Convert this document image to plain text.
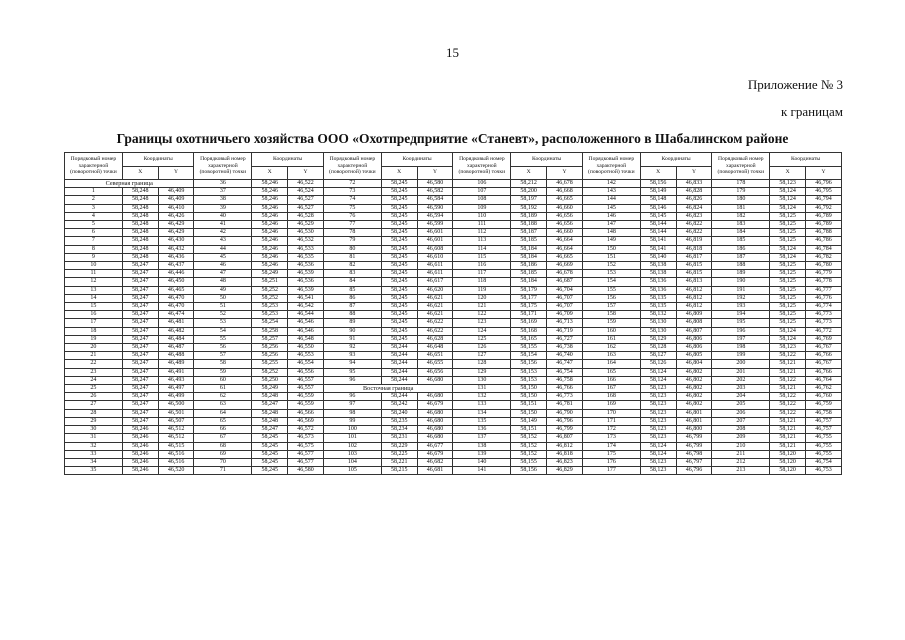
15
Приложение № 3
к границам
Границы охотничьего хозяйства ООО «Охотпредприятие «Станевт», расположенного в Шабалинском районе
Порядковый номер характерной (поворотной) точки	Координаты		Порядковый номер характерной (поворотной) точки	Координаты		Порядковый номер характерной (поворотной) точки	Координаты		Порядковый номер характерной (поворотной) точки	Координаты		Порядковый номер характерной (поворотной) точки	Координаты		Порядковый номер характерной (поворотной) точки	Координаты	
	X	Y		X	Y		X	Y		X	Y		X	Y		X	Y
Северная граница			36	58,246	46,522	72	58,245	46,580	106	58,212	46,678	142	58,156	46,833	178	58,123	46,796
1	58,248	46,409	37	58,246	46,524	73	58,245	46,582	107	58,200	46,668	143	58,149	46,828	179	58,124	46,795
2	58,248	46,409	38	58,246	46,527	74	58,245	46,584	108	58,197	46,665	144	58,148	46,826	180	58,124	46,794
3	58,248	46,410	39	58,246	46,527	75	58,245	46,590	109	58,192	46,660	145	58,146	46,824	181	58,124	46,792
4	58,248	46,426	40	58,246	46,528	76	58,245	46,594	110	58,189	46,656	146	58,145	46,823	182	58,125	46,789
5	58,248	46,429	41	58,246	46,529	77	58,245	46,599	111	58,188	46,656	147	58,144	46,822	183	58,125	46,789
6	58,248	46,429	42	58,246	46,530	78	58,245	46,601	112	58,187	46,660	148	58,144	46,822	184	58,125	46,788
7	58,248	46,430	43	58,246	46,532	79	58,245	46,601	113	58,185	46,664	149	58,141	46,819	185	58,125	46,786
8	58,248	46,432	44	58,246	46,533	80	58,245	46,608	114	58,184	46,664	150	58,141	46,818	186	58,124	46,784
9	58,248	46,436	45	58,246	46,535	81	58,245	46,610	115	58,184	46,665	151	58,140	46,817	187	58,124	46,782
10	58,247	46,437	46	58,246	46,536	82	58,245	46,611	116	58,186	46,669	152	58,138	46,815	188	58,125	46,780
11	58,247	46,446	47	58,249	46,539	83	58,245	46,611	117	58,185	46,678	153	58,138	46,815	189	58,125	46,779
12	58,247	46,450	48	58,251	46,536	84	58,245	46,617	118	58,184	46,687	154	58,136	46,813	190	58,125	46,778
13	58,247	46,465	49	58,252	46,539	85	58,245	46,620	119	58,179	46,704	155	58,136	46,812	191	58,125	46,777
14	58,247	46,470	50	58,252	46,541	86	58,245	46,621	120	58,177	46,707	156	58,135	46,812	192	58,125	46,776
15	58,247	46,470	51	58,253	46,542	87	58,245	46,621	121	58,175	46,707	157	58,135	46,812	193	58,125	46,774
16	58,247	46,474	52	58,253	46,544	88	58,245	46,621	122	58,171	46,709	158	58,132	46,809	194	58,125	46,773
17	58,247	46,481	53	58,254	46,546	89	58,245	46,622	123	58,169	46,713	159	58,130	46,808	195	58,125	46,773
18	58,247	46,482	54	58,258	46,546	90	58,245	46,622	124	58,168	46,719	160	58,130	46,807	196	58,124	46,772
19	58,247	46,484	55	58,257	46,548	91	58,245	46,628	125	58,165	46,727	161	58,129	46,806	197	58,124	46,769
20	58,247	46,487	56	58,256	46,550	92	58,244	46,648	126	58,155	46,738	162	58,128	46,806	198	58,123	46,767
21	58,247	46,488	57	58,256	46,553	93	58,244	46,651	127	58,154	46,740	163	58,127	46,805	199	58,122	46,766
22	58,247	46,489	58	58,255	46,554	94	58,244	46,655	128	58,156	46,747	164	58,126	46,804	200	58,121	46,767
23	58,247	46,491	59	58,252	46,556	95	58,244	46,656	129	58,153	46,754	165	58,124	46,802	201	58,121	46,766
24	58,247	46,493	60	58,250	46,557	96	58,244	46,680	130	58,153	46,758	166	58,124	46,802	202	58,122	46,764
25	58,247	46,497	61	58,249	46,557	Восточная граница			131	58,150	46,766	167	58,123	46,802	203	58,121	46,762
26	58,247	46,499	62	58,248	46,559	96	58,244	46,680	132	58,150	46,773	168	58,123	46,802	204	58,122	46,760
27	58,247	46,500	63	58,247	46,559	97	58,242	46,679	133	58,151	46,781	169	58,123	46,802	205	58,122	46,759
28	58,247	46,501	64	58,248	46,566	98	58,240	46,680	134	58,150	46,790	170	58,123	46,801	206	58,122	46,758
29	58,247	46,507	65	58,248	46,569	99	58,235	46,680	135	58,149	46,796	171	58,123	46,801	207	58,121	46,757
30	58,246	46,512	66	58,247	46,572	100	58,234	46,680	136	58,151	46,799	172	58,123	46,800	208	58,121	46,757
31	58,246	46,512	67	58,245	46,573	101	58,231	46,680	137	58,152	46,807	173	58,123	46,799	209	58,121	46,755
32	58,246	46,515	68	58,245	46,575	102	58,229	46,677	138	58,152	46,812	174	58,124	46,799	210	58,121	46,755
33	58,246	46,516	69	58,245	46,577	103	58,225	46,679	139	58,152	46,818	175	58,124	46,798	211	58,120	46,755
34	58,246	46,516	70	58,245	46,577	104	58,221	46,682	140	58,155	46,823	176	58,123	46,797	212	58,120	46,754
35	58,246	46,520	71	58,245	46,580	105	58,215	46,681	141	58,156	46,829	177	58,123	46,796	213	58,120	46,753
